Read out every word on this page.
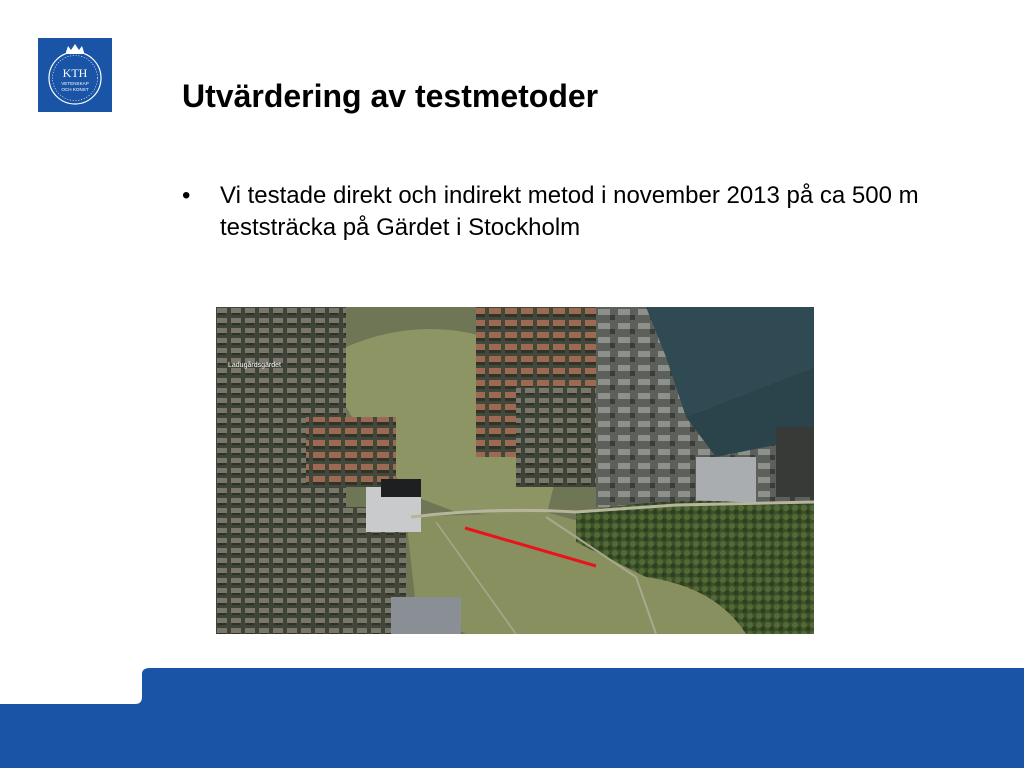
KTH
VETENSKAP
OCH KONST	Utvärdering av testmetoder
• Vi testade direkt och indirekt metod i november 2013 på ca 500 m teststräcka på Gärdet i Stockholm
Ladugårdsgärdet
